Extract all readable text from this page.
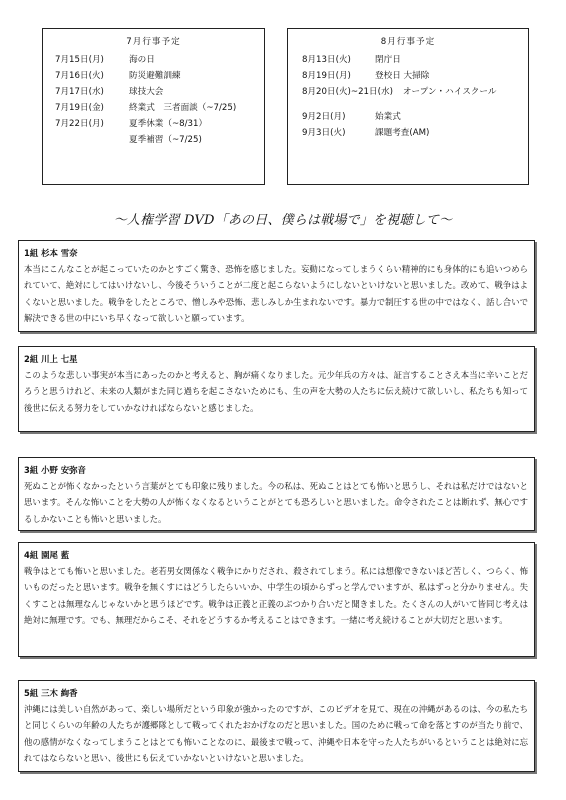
7月行事予定
7月15日(月)	海の日
7月16日(火)	防災避難訓練
7月17日(水)	球技大会
7月19日(金)	終業式　三者面談（~7/25)
7月22日(月)	夏季休業（~8/31）
夏季補習（~7/25)
8月行事予定
8月13日(火)	閉庁日
8月19日(月)	登校日 大掃除
8月20日(火)~21日(水) オープン・ハイスクール
9月2日(月)	始業式
9月3日(火)	課題考査(AM)
～人権学習 DVD「あの日、僕らは戦場で」を視聴して～
1組 杉本 雪奈
本当にこんなことが起こっていたのかとすごく驚き、恐怖を感じました。妄動になってしまうくらい精神的にも身体的にも追いつめられていて、絶対にしてはいけないし、今後そういうことが二度と起こらないようにしないといけないと思いました。改めて、戦争はよくないと思いました。戦争をしたところで、憎しみや恐怖、悲しみしか生まれないです。暴力で制圧する世の中ではなく、話し合いで解決できる世の中にいち早くなって欲しいと願っています。
2組 川上 七星
このような悲しい事実が本当にあったのかと考えると、胸が痛くなりました。元少年兵の方々は、証言することさえ本当に辛いことだろうと思うけれど、未来の人類がまた同じ過ちを起こさないためにも、生の声を大勢の人たちに伝え続けて欲しいし、私たちも知って後世に伝える努力をしていかなければならないと感じました。
3組 小野 安弥音
死ぬことが怖くなかったという言葉がとても印象に残りました。今の私は、死ぬことはとても怖いと思うし、それは私だけではないと思います。そんな怖いことを大勢の人が怖くなくなるということがとても恐ろしいと思いました。命令されたことは断れず、無心でするしかないことも怖いと思いました。
4組 園尾 藍
戦争はとても怖いと思いました。老若男女関係なく戦争にかりだされ、殺されてしまう。私には想像できないほど苦しく、つらく、怖いものだったと思います。戦争を無くすにはどうしたらいいか、中学生の頃からずっと学んでいますが、私はずっと分かりません。失くすことは無理なんじゃないかと思うほどです。戦争は正義と正義のぶつかり合いだと聞きました。たくさんの人がいて皆同じ考えは絶対に無理です。でも、無理だからこそ、それをどうするか考えることはできます。一緒に考え続けることが大切だと思います。
5組 三木 絢香
沖縄には美しい自然があって、楽しい場所だという印象が強かったのですが、このビデオを見て、現在の沖縄があるのは、今の私たちと同じくらいの年齢の人たちが護郷隊として戦ってくれたおかげなのだと思いました。国のために戦って命を落とすのが当たり前で、他の感情がなくなってしまうことはとても怖いことなのに、最後まで戦って、沖縄や日本を守った人たちがいるということは絶対に忘れてはならないと思い、後世にも伝えていかないといけないと思いました。
